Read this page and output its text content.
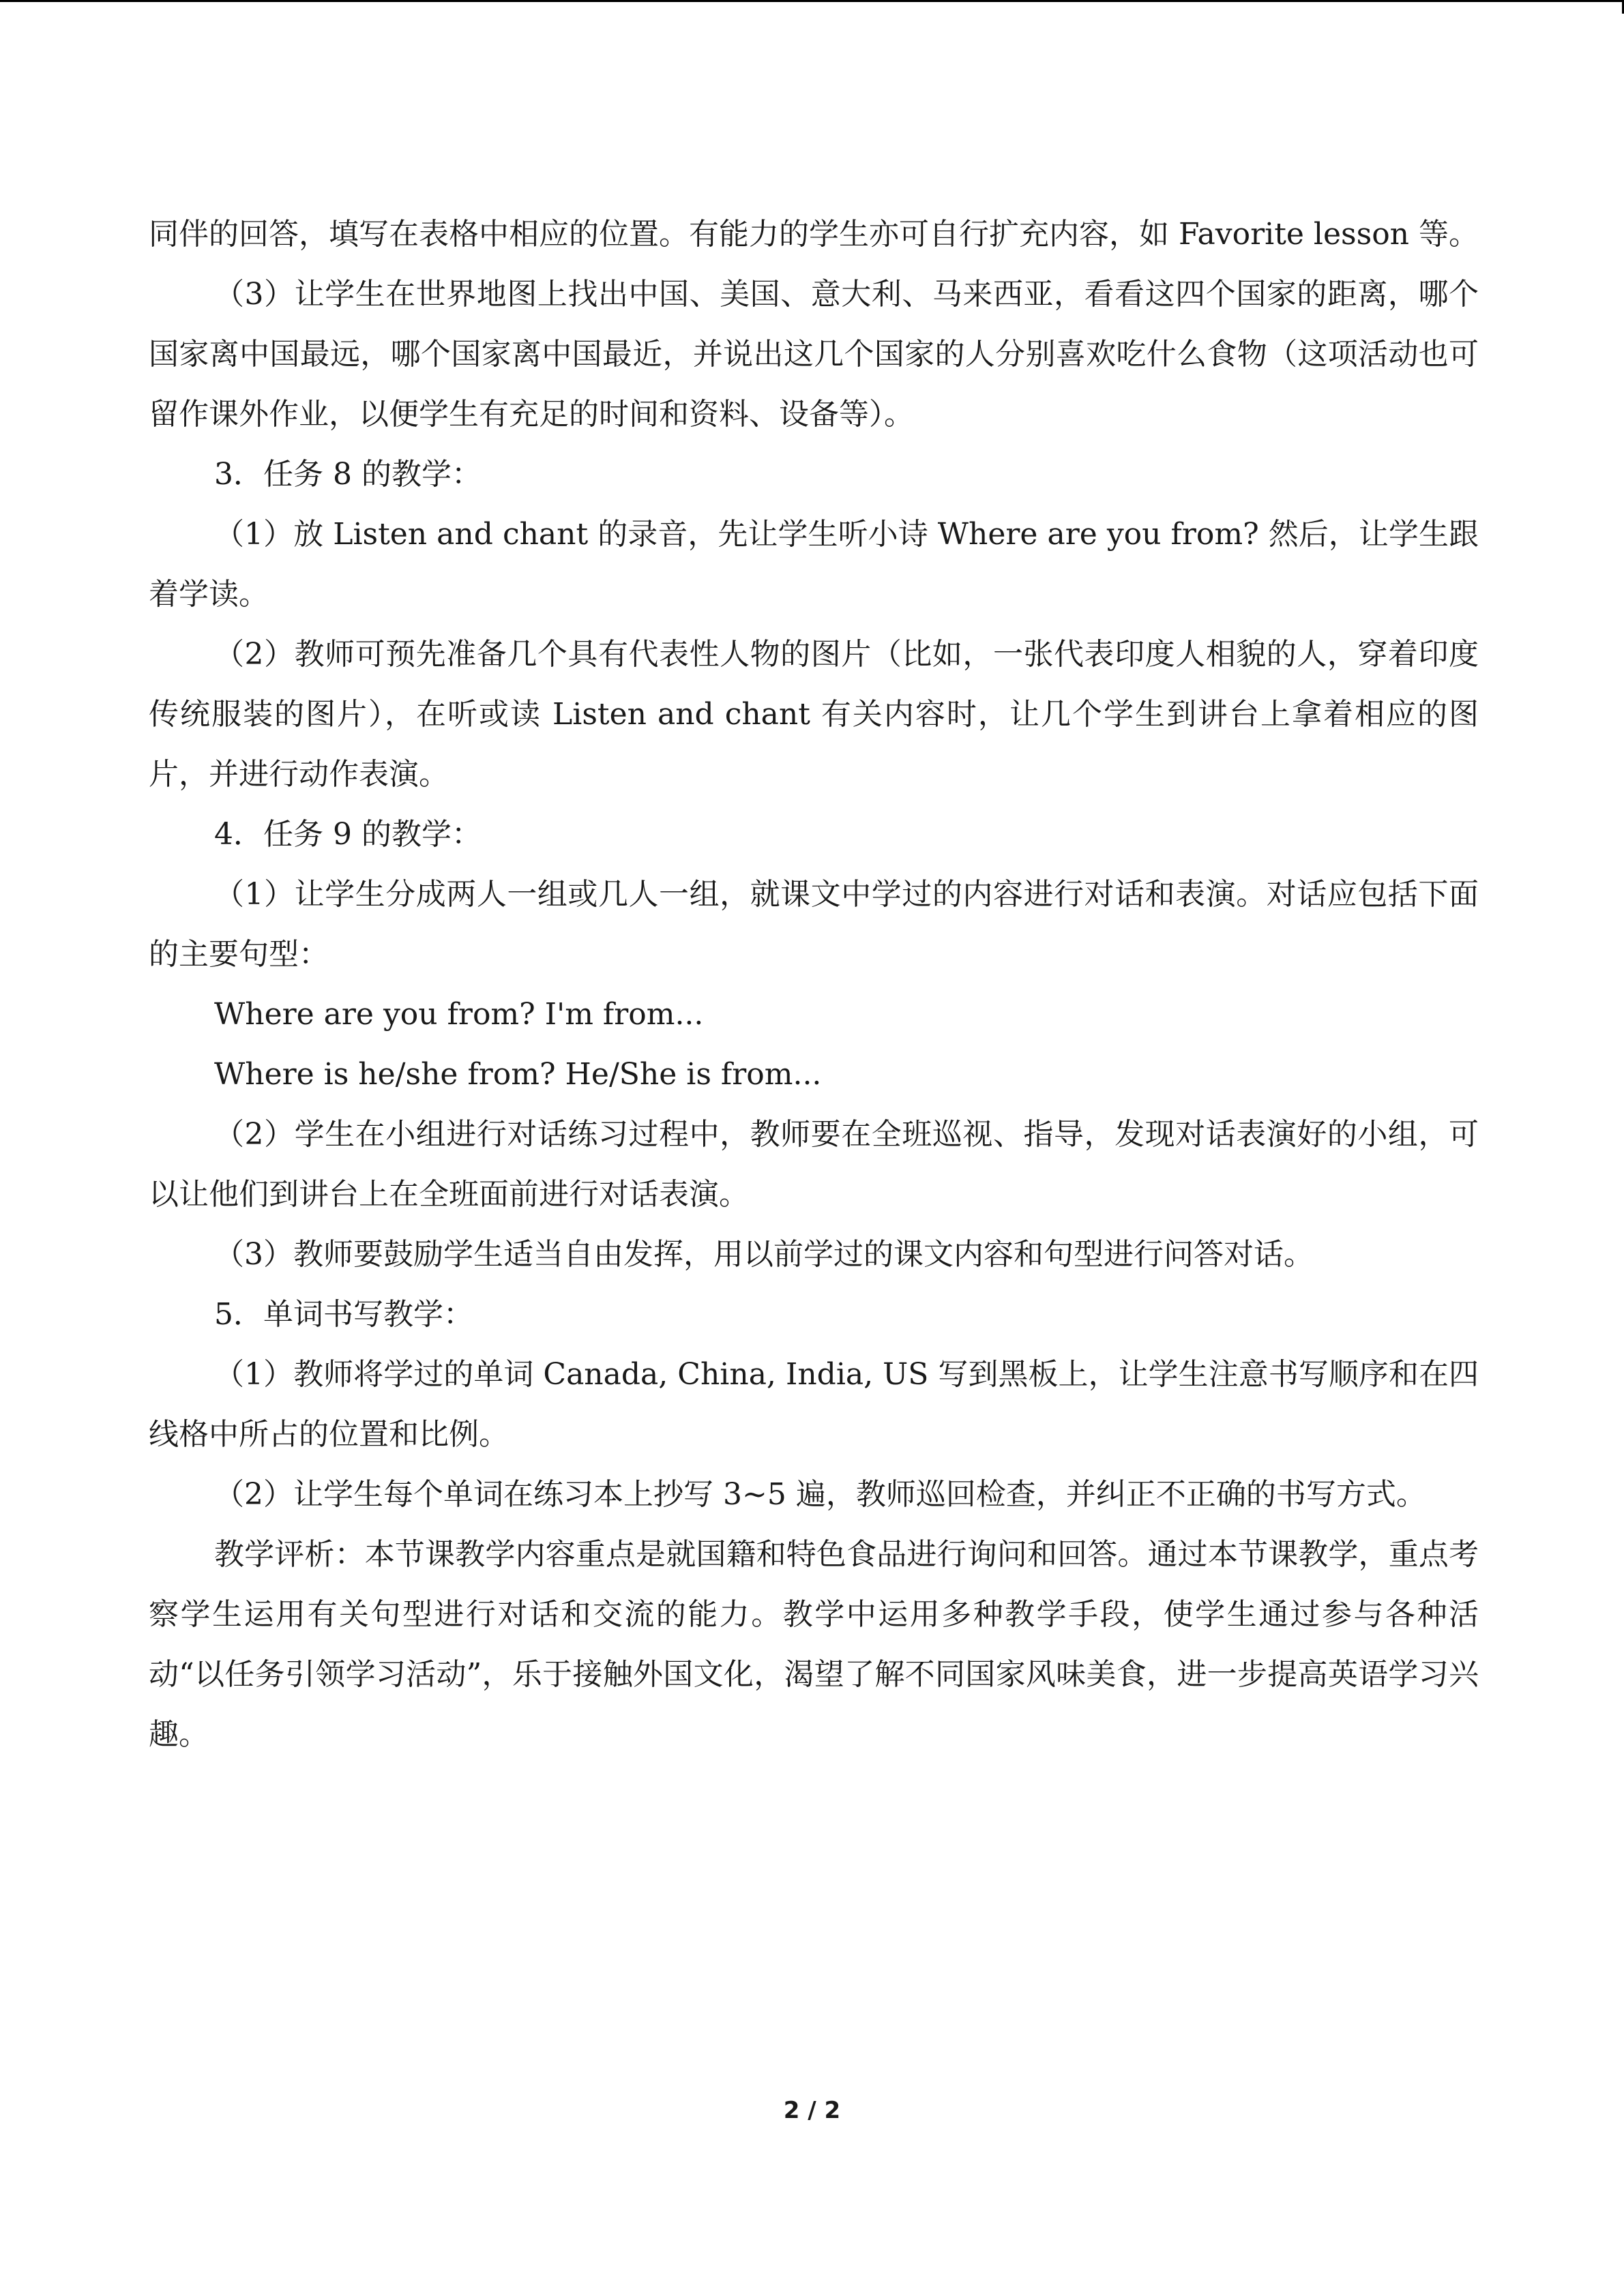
同伴的回答，填写在表格中相应的位置。有能力的学生亦可自行扩充内容，如 Favorite lesson 等。

（3）让学生在世界地图上找出中国、美国、意大利、马来西亚，看看这四个国家的距离，哪个国家离中国最远，哪个国家离中国最近，并说出这几个国家的人分别喜欢吃什么食物（这项活动也可留作课外作业，以便学生有充足的时间和资料、设备等）。

3．任务 8 的教学：

（1）放 Listen and chant 的录音，先让学生听小诗 Where are you from? 然后，让学生跟着学读。

（2）教师可预先准备几个具有代表性人物的图片（比如，一张代表印度人相貌的人，穿着印度传统服装的图片），在听或读 Listen and chant 有关内容时，让几个学生到讲台上拿着相应的图片，并进行动作表演。

4．任务 9 的教学：

（1）让学生分成两人一组或几人一组，就课文中学过的内容进行对话和表演。对话应包括下面的主要句型：

Where are you from? I'm from...

Where is he/she from? He/She is from...

（2）学生在小组进行对话练习过程中，教师要在全班巡视、指导，发现对话表演好的小组，可以让他们到讲台上在全班面前进行对话表演。

（3）教师要鼓励学生适当自由发挥，用以前学过的课文内容和句型进行问答对话。

5．单词书写教学：

（1）教师将学过的单词 Canada, China, India, US 写到黑板上，让学生注意书写顺序和在四线格中所占的位置和比例。

（2）让学生每个单词在练习本上抄写 3~5 遍，教师巡回检查，并纠正不正确的书写方式。

教学评析：本节课教学内容重点是就国籍和特色食品进行询问和回答。通过本节课教学，重点考察学生运用有关句型进行对话和交流的能力。教学中运用多种教学手段，使学生通过参与各种活动“以任务引领学习活动”，乐于接触外国文化，渴望了解不同国家风味美食，进一步提高英语学习兴趣。

2 / 2
